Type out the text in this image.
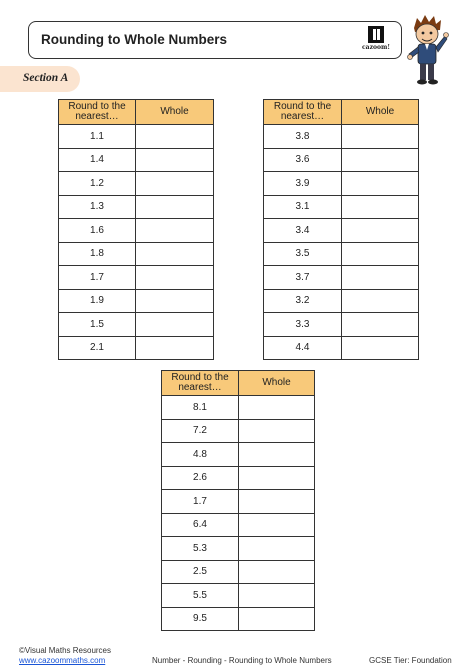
Rounding to Whole Numbers
cazoom!
Section A
Round to the nearest…	Whole
1.1	
1.4	
1.2	
1.3	
1.6	
1.8	
1.7	
1.9	
1.5	
2.1	
Round to the nearest…	Whole
3.8	
3.6	
3.9	
3.1	
3.4	
3.5	
3.7	
3.2	
3.3	
4.4	
Round to the nearest…	Whole
8.1	
7.2	
4.8	
2.6	
1.7	
6.4	
5.3	
2.5	
5.5	
9.5	
©Visual Maths Resources
www.cazoommaths.com	Number - Rounding - Rounding to Whole Numbers	GCSE Tier: Foundation
